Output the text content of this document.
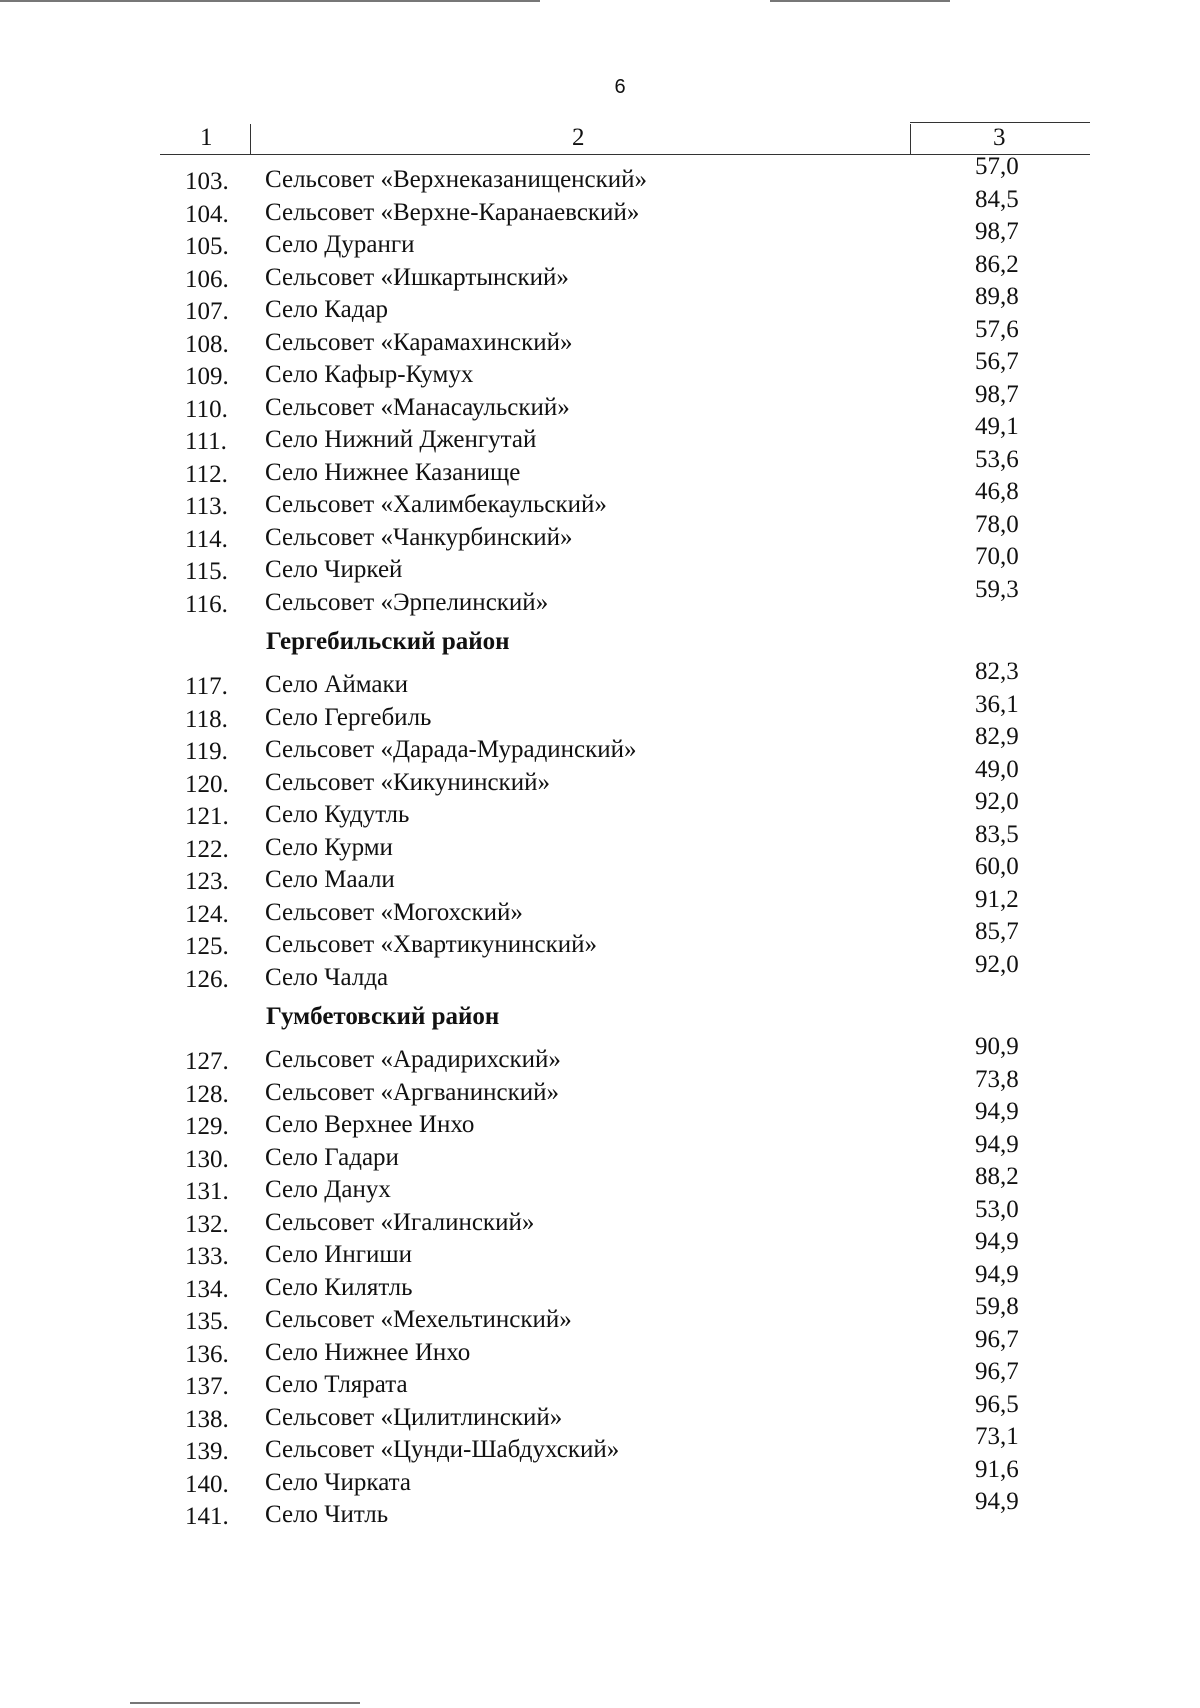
6
1	2	3
103. Сельсовет «Верхнеказанищенский»	57,0
104. Сельсовет «Верхне-Каранаевский»	84,5
105. Село Дуранги	98,7
106. Сельсовет «Ишкартынский»	86,2
107. Село Кадар	89,8
108. Сельсовет «Карамахинский»	57,6
109. Село Кафыр-Кумух	56,7
110. Сельсовет «Манасаульский»	98,7
111. Село Нижний Дженгутай	49,1
112. Село Нижнее Казанище	53,6
113. Сельсовет «Халимбекаульский»	46,8
114. Сельсовет «Чанкурбинский»	78,0
115. Село Чиркей	70,0
116. Сельсовет «Эрпелинский»	59,3
Гергебильский район
117. Село Аймаки	82,3
118. Село Гергебиль	36,1
119. Сельсовет «Дарада-Мурадинский»	82,9
120. Сельсовет «Кикунинский»	49,0
121. Село Кудутль	92,0
122. Село Курми	83,5
123. Село Маали	60,0
124. Сельсовет «Могохский»	91,2
125. Сельсовет «Хвартикунинский»	85,7
126. Село Чалда	92,0
Гумбетовский район
127. Сельсовет «Арадирихский»	90,9
128. Сельсовет «Аргванинский»	73,8
129. Село Верхнее Инхо	94,9
130. Село Гадари	94,9
131. Село Данух	88,2
132. Сельсовет «Игалинский»	53,0
133. Село Ингиши	94,9
134. Село Килятль	94,9
135. Сельсовет «Мехельтинский»	59,8
136. Село Нижнее Инхо	96,7
137. Село Тлярата	96,7
138. Сельсовет «Цилитлинский»	96,5
139. Сельсовет «Цунди-Шабдухский»	73,1
140. Село Чирката	91,6
141. Село Читль	94,9
